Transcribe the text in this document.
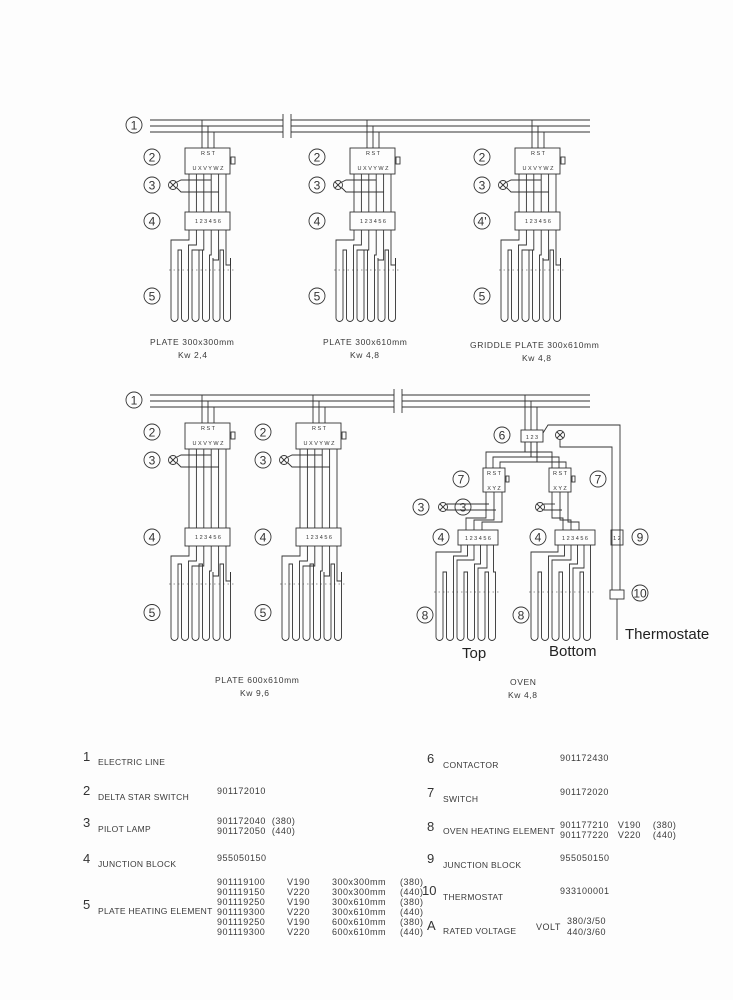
1
R S T
U X V Y W Z
1 2 3 4 5 6
2
3
4
5
R S T
U X V Y W Z
1 2 3 4 5 6
2
3
4
5
R S T
U X V Y W Z
1 2 3 4 5 6
2
3
4'
5
1
R S T
U X V Y W Z
1 2 3 4 5 6
2
3
4
5
R S T
U X V Y W Z
1 2 3 4 5 6
2
3
4
5
1 2 3
6
R S T
X Y Z
1 2 3 4 5 6
4
8
3
R S T
X Y Z
1 2 3 4 5 6
4
8
3
7	7
1 2 9
10
PLATE 300x300mm
Kw 2,4
PLATE 300x610mm
Kw 4,8
GRIDDLE PLATE 300x610mm
Kw 4,8
PLATE 600x610mm
Kw 9,6
OVEN
Kw 4,8
Top	Bottom
Thermostate
1 ELECTRIC LINE
2 DELTA STAR SWITCH
901172010
3 PILOT LAMP
901172040  (380)
901172050  (440)
4 JUNCTION BLOCK
955050150
5 PLATE HEATING ELEMENT
901119100	V190	300x300mm	(380)
901119150	V220	300x300mm	(440)
901119250	V190	300x610mm	(380)
901119300	V220	300x610mm	(440)
901119250	V190	600x610mm	(380)
901119300	V220	600x610mm	(440)
6 CONTACTOR
901172430
7 SWITCH
901172020
8 OVEN HEATING ELEMENT
901177210   V190    (380)
901177220   V220    (440)
9 JUNCTION BLOCK
955050150
10 THERMOSTAT
933100001
A RATED VOLTAGE VOLT
380/3/50
440/3/60
